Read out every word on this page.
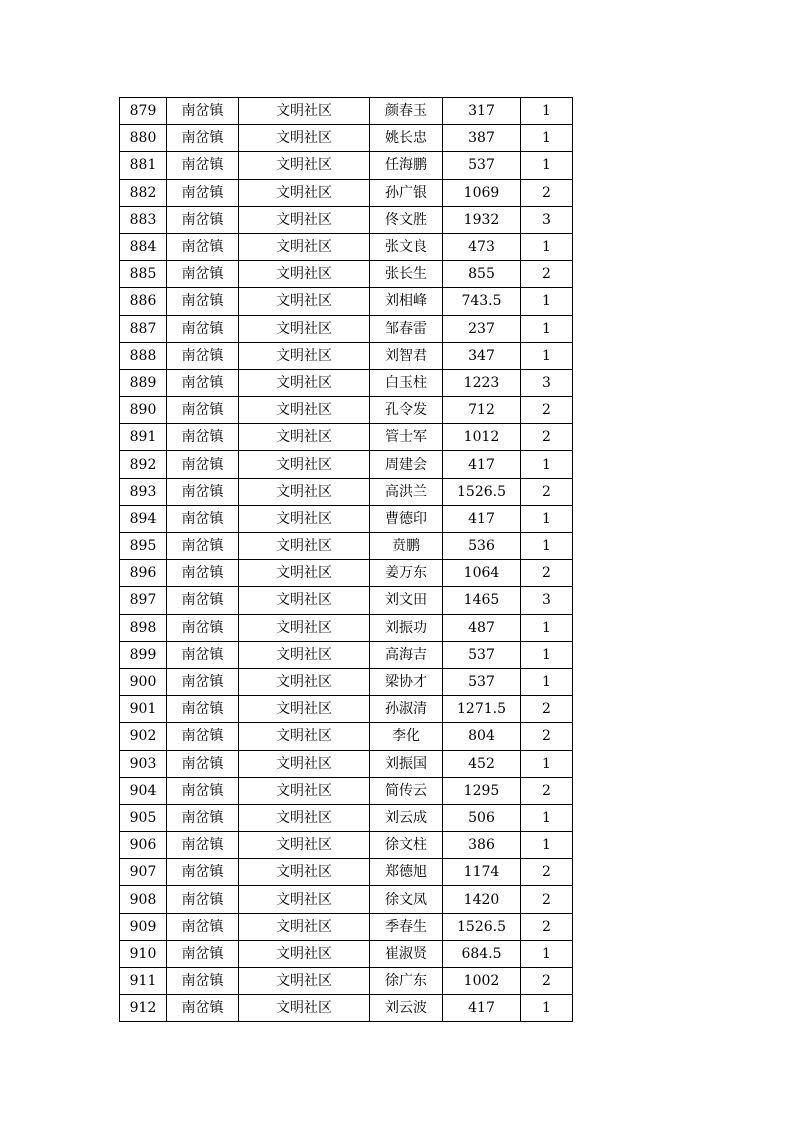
879	南岔镇	文明社区	颜春玉	317	1
880	南岔镇	文明社区	姚长忠	387	1
881	南岔镇	文明社区	任海鹏	537	1
882	南岔镇	文明社区	孙广银	1069	2
883	南岔镇	文明社区	佟文胜	1932	3
884	南岔镇	文明社区	张文良	473	1
885	南岔镇	文明社区	张长生	855	2
886	南岔镇	文明社区	刘相峰	743.5	1
887	南岔镇	文明社区	邹春雷	237	1
888	南岔镇	文明社区	刘智君	347	1
889	南岔镇	文明社区	白玉柱	1223	3
890	南岔镇	文明社区	孔令发	712	2
891	南岔镇	文明社区	管士军	1012	2
892	南岔镇	文明社区	周建会	417	1
893	南岔镇	文明社区	高洪兰	1526.5	2
894	南岔镇	文明社区	曹德印	417	1
895	南岔镇	文明社区	贲鹏	536	1
896	南岔镇	文明社区	姜万东	1064	2
897	南岔镇	文明社区	刘文田	1465	3
898	南岔镇	文明社区	刘振功	487	1
899	南岔镇	文明社区	高海吉	537	1
900	南岔镇	文明社区	梁协才	537	1
901	南岔镇	文明社区	孙淑清	1271.5	2
902	南岔镇	文明社区	李化	804	2
903	南岔镇	文明社区	刘振国	452	1
904	南岔镇	文明社区	简传云	1295	2
905	南岔镇	文明社区	刘云成	506	1
906	南岔镇	文明社区	徐文柱	386	1
907	南岔镇	文明社区	郑德旭	1174	2
908	南岔镇	文明社区	徐文凤	1420	2
909	南岔镇	文明社区	季春生	1526.5	2
910	南岔镇	文明社区	崔淑贤	684.5	1
911	南岔镇	文明社区	徐广东	1002	2
912	南岔镇	文明社区	刘云波	417	1
